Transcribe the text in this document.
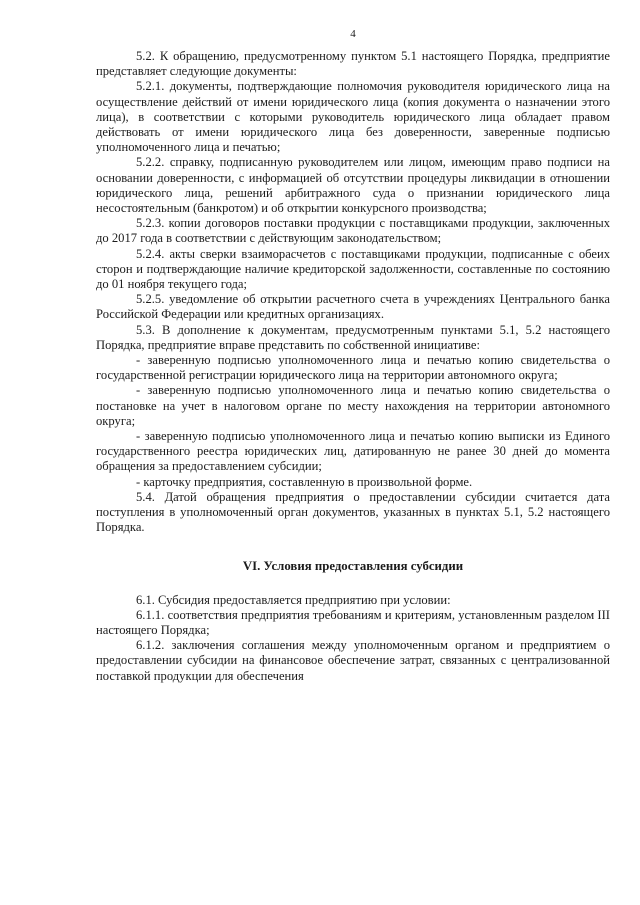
4

5.2. К обращению, предусмотренному пунктом 5.1 настоящего Порядка, предприятие представляет следующие документы:

5.2.1. документы, подтверждающие полномочия руководителя юридического лица на осуществление действий от имени юридического лица (копия документа о назначении этого лица), в соответствии с которыми руководитель юридического лица обладает правом действовать от имени юридического лица без доверенности, заверенные подписью уполномоченного лица и печатью;

5.2.2. справку, подписанную руководителем или лицом, имеющим право подписи на основании доверенности, с информацией об отсутствии процедуры ликвидации в отношении юридического лица, решений арбитражного суда о признании юридического лица несостоятельным (банкротом) и об открытии конкурсного производства;

5.2.3. копии договоров поставки продукции с поставщиками продукции, заключенных до 2017 года в соответствии с действующим законодательством;

5.2.4. акты сверки взаиморасчетов с поставщиками продукции, подписанные с обеих сторон и подтверждающие наличие кредиторской задолженности, составленные по состоянию до 01 ноября текущего года;

5.2.5. уведомление об открытии расчетного счета в учреждениях Центрального банка Российской Федерации или кредитных организациях.

5.3. В дополнение к документам, предусмотренным пунктами 5.1, 5.2 настоящего Порядка, предприятие вправе представить по собственной инициативе:

- заверенную подписью уполномоченного лица и печатью копию свидетельства о государственной регистрации юридического лица на территории автономного округа;

- заверенную подписью уполномоченного лица и печатью копию свидетельства о постановке на учет в налоговом органе по месту нахождения на территории автономного округа;

- заверенную подписью уполномоченного лица и печатью копию выписки из Единого государственного реестра юридических лиц, датированную не ранее 30 дней до момента обращения за предоставлением субсидии;

- карточку предприятия, составленную в произвольной форме.

5.4. Датой обращения предприятия о предоставлении субсидии считается дата поступления в уполномоченный орган документов, указанных в пунктах 5.1, 5.2 настоящего Порядка.

VI. Условия предоставления субсидии

6.1. Субсидия предоставляется предприятию при условии:

6.1.1. соответствия предприятия требованиям и критериям, установленным разделом III настоящего Порядка;

6.1.2. заключения соглашения между уполномоченным органом и предприятием о предоставлении субсидии на финансовое обеспечение затрат, связанных с централизованной поставкой продукции для обеспечения
